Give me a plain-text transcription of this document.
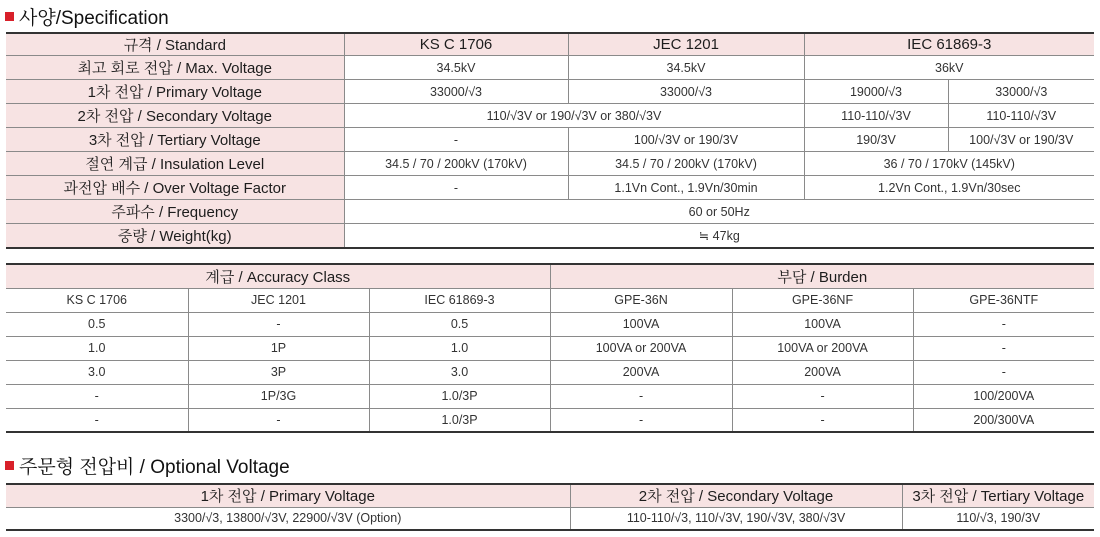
사양/Specification
규격 / Standard	KS C 1706	JEC 1201	IEC 61869-3	
최고 회로 전압 / Max. Voltage	34.5kV	34.5kV	36kV	
1차 전압 / Primary Voltage	33000/√3	33000/√3	19000/√3	33000/√3
2차 전압 / Secondary Voltage	110/√3V or 190/√3V or 380/√3V		110-110/√3V	110-110/√3V
3차 전압 / Tertiary Voltage	-	100/√3V or 190/3V	190/3V	100/√3V or 190/3V
절연 계급 / Insulation Level	34.5 / 70 / 200kV (170kV)	34.5 / 70 / 200kV (170kV)	36 / 70 / 170kV (145kV)	
과전압 배수 / Over Voltage Factor	-	1.1Vn Cont., 1.9Vn/30min	1.2Vn Cont., 1.9Vn/30sec	
주파수 / Frequency	60 or 50Hz			
중량 / Weight(kg)	≒ 47kg			
계급 / Accuracy Class			부담 / Burden		
KS C 1706	JEC 1201	IEC 61869-3	GPE-36N	GPE-36NF	GPE-36NTF
0.5	-	0.5	100VA	100VA	-
1.0	1P	1.0	100VA or 200VA	100VA or 200VA	-
3.0	3P	3.0	200VA	200VA	-
-	1P/3G	1.0/3P	-	-	100/200VA
-	-	1.0/3P	-	-	200/300VA
주문형 전압비 / Optional Voltage
1차 전압 / Primary Voltage	2차 전압 / Secondary Voltage	3차 전압 / Tertiary Voltage
3300/√3, 13800/√3V, 22900/√3V (Option)	110-110/√3, 110/√3V, 190/√3V, 380/√3V	110/√3, 190/3V
